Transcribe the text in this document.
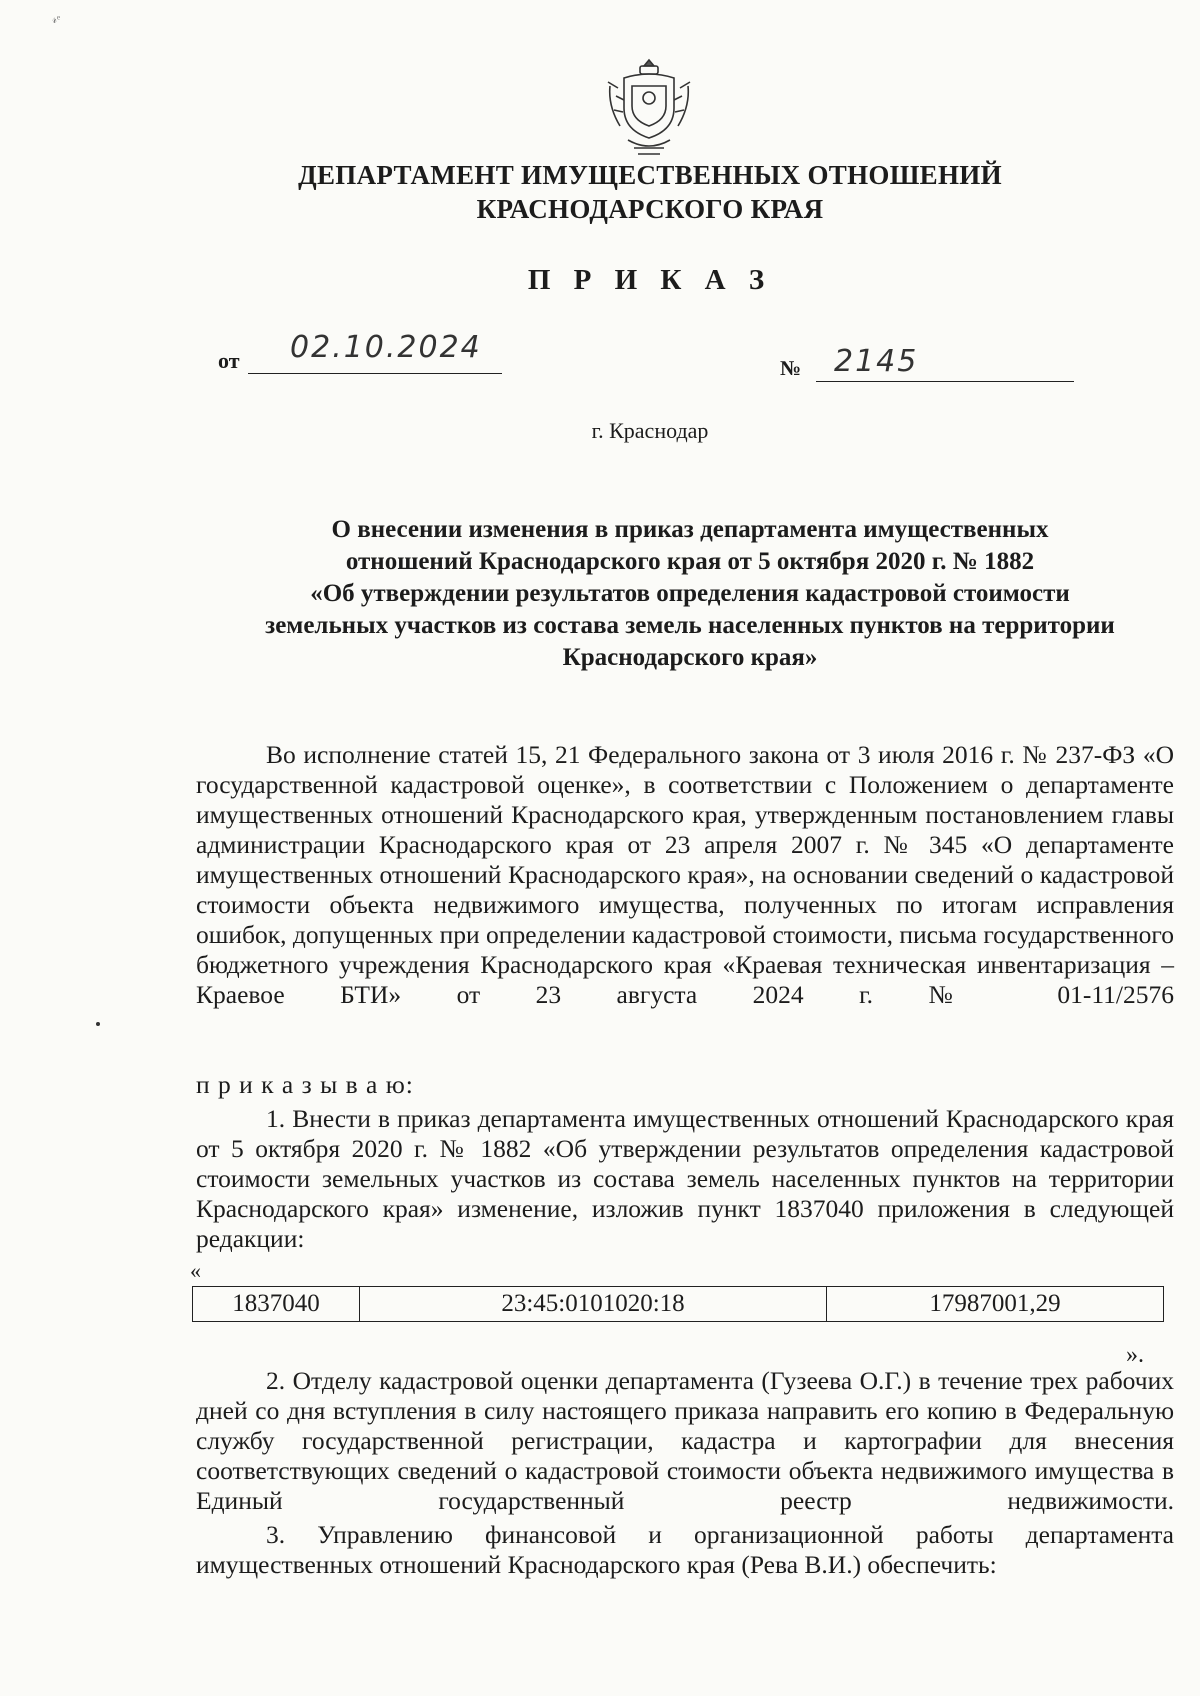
𝓇ᵉ
ДЕПАРТАМЕНТ ИМУЩЕСТВЕННЫХ ОТНОШЕНИЙ
КРАСНОДАРСКОГО КРАЯ
П Р И К А З
от 02.10.2024
№ 2145
г. Краснодар
О внесении изменения в приказ департамента имущественных
отношений Краснодарского края от 5 октября 2020 г. № 1882
«Об утверждении результатов определения кадастровой стоимости
земельных участков из состава земель населенных пунктов на территории
Краснодарского края»
Во исполнение статей 15, 21 Федерального закона от 3 июля 2016 г. № 237-ФЗ «О государственной кадастровой оценке», в соответствии с Положением о департаменте имущественных отношений Краснодарского края, утвержденным постановлением главы администрации Краснодарского края от 23 апреля 2007 г. № 345 «О департаменте имущественных отношений Краснодарского края», на основании сведений о кадастровой стоимости объекта недвижимого имущества, полученных по итогам исправления ошибок, допущенных при определении кадастровой стоимости, письма государственного бюджетного учреждения Краснодарского края «Краевая техническая инвентаризация – Краевое БТИ» от 23 августа 2024 г. № 01-11/2576
п р и к а з ы в а ю:
1. Внести в приказ департамента имущественных отношений Краснодарского края от 5 октября 2020 г. № 1882 «Об утверждении результатов определения кадастровой стоимости земельных участков из состава земель населенных пунктов на территории Краснодарского края» изменение, изложив пункт 1837040 приложения в следующей редакции:
«
1837040	23:45:0101020:18	17987001,29
».
2. Отделу кадастровой оценки департамента (Гузеева О.Г.) в течение трех рабочих дней со дня вступления в силу настоящего приказа направить его копию в Федеральную службу государственной регистрации, кадастра и картографии для внесения соответствующих сведений о кадастровой стоимости объекта недвижимого имущества в Единый государственный реестр недвижимости.
3. Управлению финансовой и организационной работы департамента имущественных отношений Краснодарского края (Рева В.И.) обеспечить:
